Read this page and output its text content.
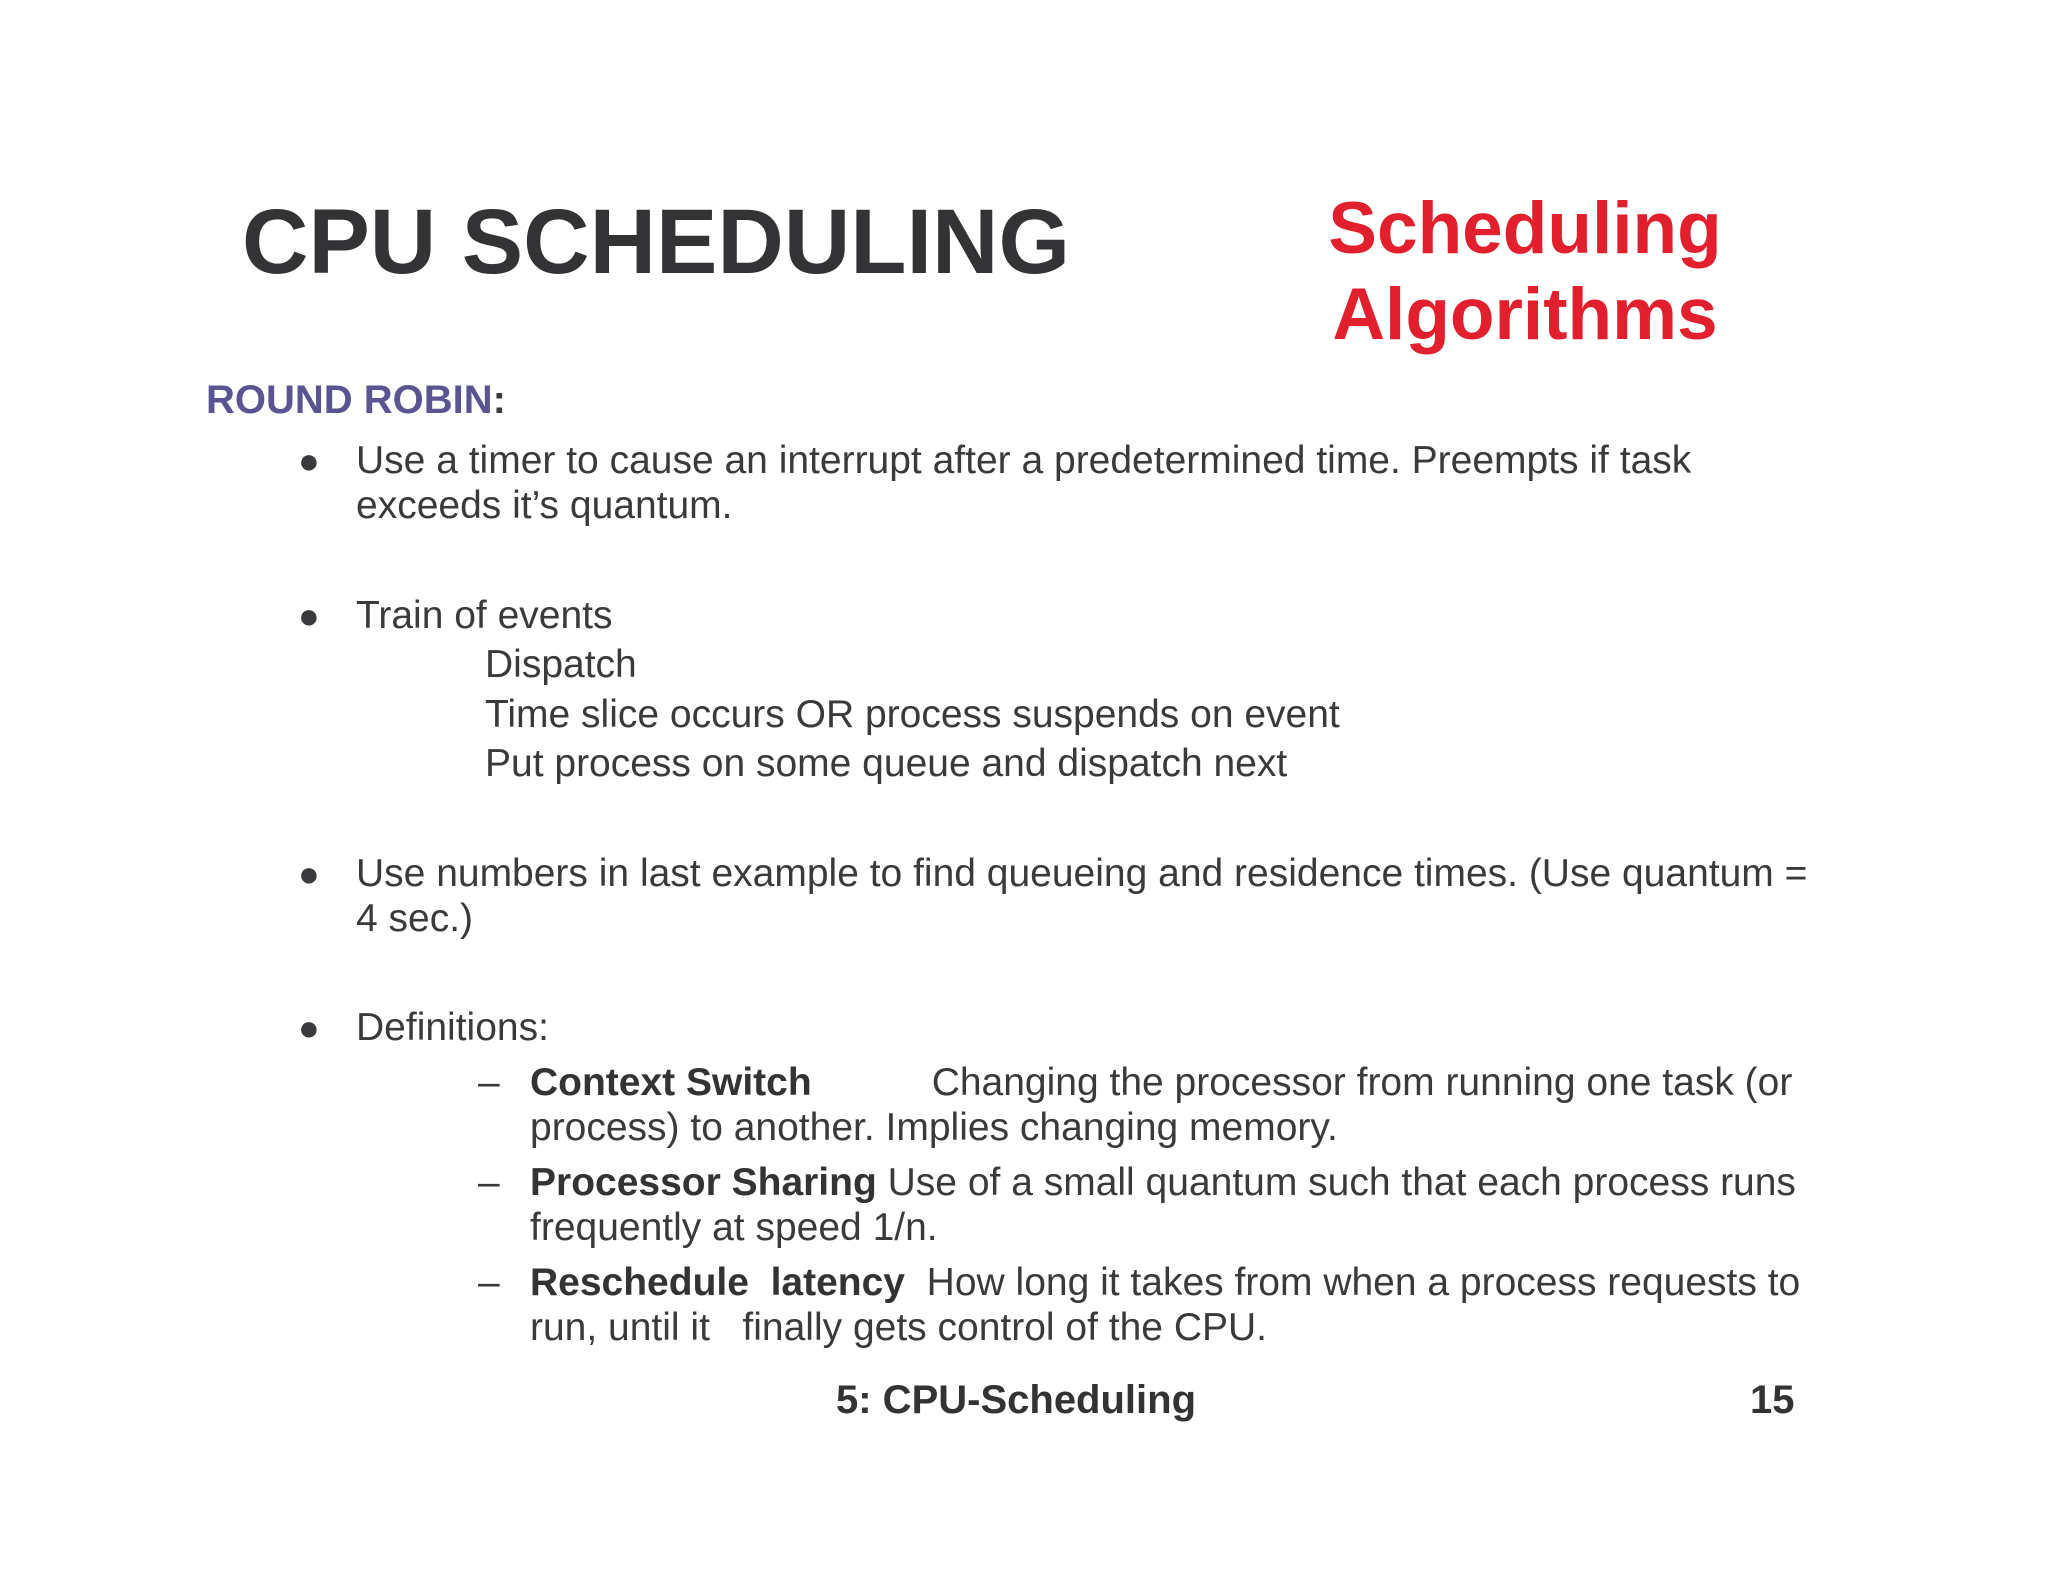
CPU SCHEDULING	Scheduling
Algorithms
ROUND ROBIN:
● Use a timer to cause an interrupt after a predetermined time. Preempts if task exceeds it’s quantum.
● Train of events
Dispatch
Time slice occurs OR process suspends on event
Put process on some queue and dispatch next
● Use numbers in last example to find queueing and residence times. (Use quantum = 4 sec.)
● Definitions:
– Context Switch	Changing the processor from running one task (or process) to another. Implies changing memory.
– Processor Sharing Use of a small quantum such that each process runs frequently at speed 1/n.
– Reschedule  latency How long it takes from when a process requests to run, until it   finally gets control of the CPU.
5: CPU-Scheduling	15
